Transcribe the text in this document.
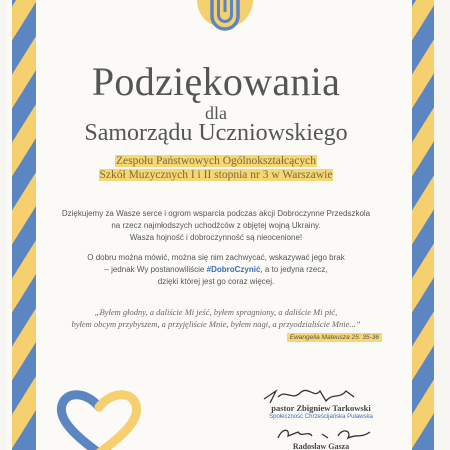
Podziękowania
dla
Samorządu Uczniowskiego
Zespołu Państwowych Ogólnokształcących
Szkół Muzycznych I i II stopnia nr 3 w Warszawie
Dziękujemy za Wasze serce i ogrom wsparcia podczas akcji Dobroczynne Przedszkola
na rzecz najmłodszych uchodźców z objętej wojną Ukrainy.
Wasza hojność i dobroczynność są nieocenione!
O dobru można mówić, można się nim zachwycać, wskazywać jego brak
– jednak Wy postanowiliście #DobroCzynić, a to jedyna rzecz,
dzięki której jest go coraz więcej.
„Byłem głodny, a daliście Mi jeść, byłem spragniony, a daliście Mi pić,
byłem obcym przybyszem, a przyjęliście Mnie, byłem nagi, a przyodzialiście Mnie...”
Ewangelia Mateusza 25: 35-36
pastor Zbigniew Tarkowski
Społeczność Chrześcijańska Puławska
Radosław Gasza
